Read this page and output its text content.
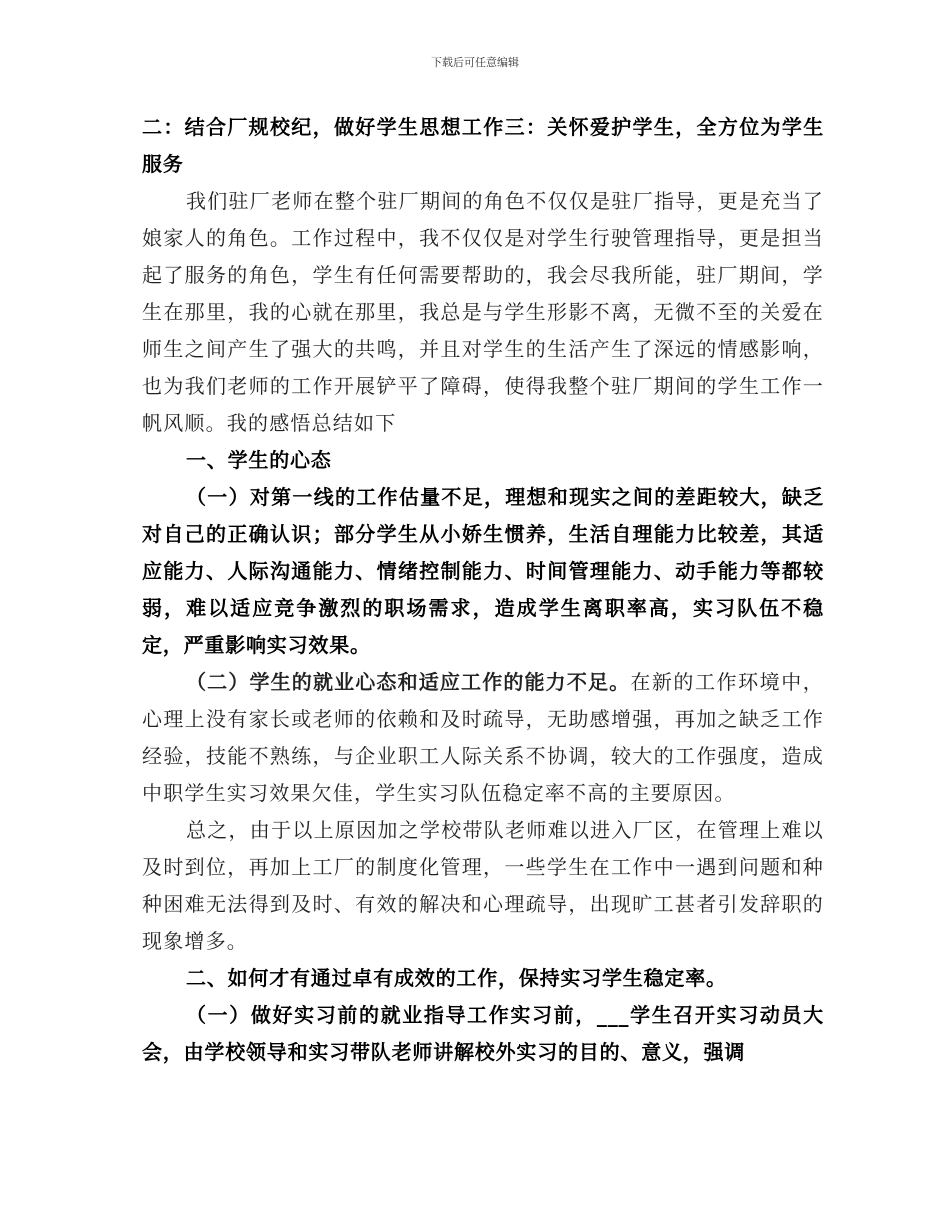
下载后可任意编辑

二：结合厂规校纪，做好学生思想工作三：关怀爱护学生，全方位为学生服务

我们驻厂老师在整个驻厂期间的角色不仅仅是驻厂指导，更是充当了娘家人的角色。工作过程中，我不仅仅是对学生行驶管理指导，更是担当起了服务的角色，学生有任何需要帮助的，我会尽我所能，驻厂期间，学生在那里，我的心就在那里，我总是与学生形影不离，无微不至的关爱在师生之间产生了强大的共鸣，并且对学生的生活产生了深远的情感影响，也为我们老师的工作开展铲平了障碍，使得我整个驻厂期间的学生工作一帆风顺。我的感悟总结如下

一、学生的心态

（一）对第一线的工作估量不足，理想和现实之间的差距较大，缺乏对自己的正确认识；部分学生从小娇生惯养，生活自理能力比较差，其适应能力、人际沟通能力、情绪控制能力、时间管理能力、动手能力等都较弱，难以适应竞争激烈的职场需求，造成学生离职率高，实习队伍不稳定，严重影响实习效果。

（二）学生的就业心态和适应工作的能力不足。在新的工作环境中，心理上没有家长或老师的依赖和及时疏导，无助感增强，再加之缺乏工作经验，技能不熟练，与企业职工人际关系不协调，较大的工作强度，造成中职学生实习效果欠佳，学生实习队伍稳定率不高的主要原因。

总之，由于以上原因加之学校带队老师难以进入厂区，在管理上难以及时到位，再加上工厂的制度化管理，一些学生在工作中一遇到问题和种种困难无法得到及时、有效的解决和心理疏导，出现旷工甚者引发辞职的现象增多。

二、如何才有通过卓有成效的工作，保持实习学生稳定率。

（一）做好实习前的就业指导工作实习前，___学生召开实习动员大会，由学校领导和实习带队老师讲解校外实习的目的、意义，强调
